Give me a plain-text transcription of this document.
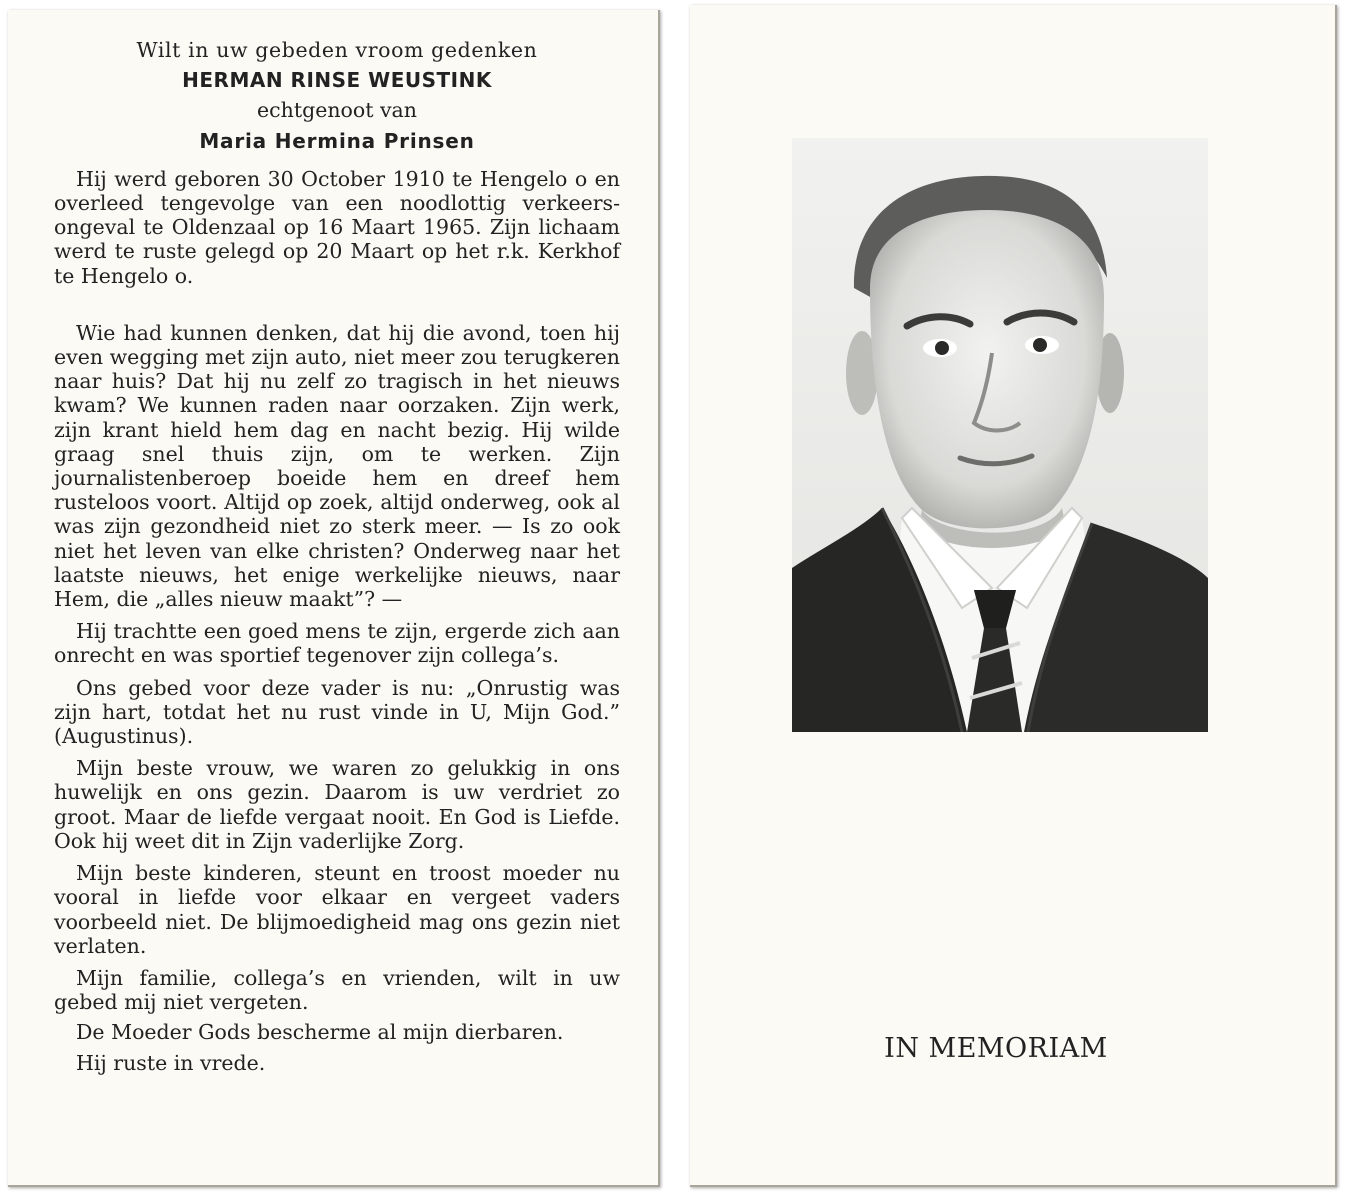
Wilt in uw gebeden vroom gedenken
HERMAN RINSE WEUSTINK
echtgenoot van
Maria Hermina Prinsen

Hij werd geboren 30 October 1910 te Hengelo o en overleed tengevolge van een noodlottig verkeersongeval te Oldenzaal op 16 Maart 1965. Zijn lichaam werd te ruste gelegd op 20 Maart op het r.k. Kerkhof te Hengelo o.

Wie had kunnen denken, dat hij die avond, toen hij even wegging met zijn auto, niet meer zou terugkeren naar huis? Dat hij nu zelf zo tragisch in het nieuws kwam? We kunnen raden naar oorzaken. Zijn werk, zijn krant hield hem dag en nacht bezig. Hij wilde graag snel thuis zijn, om te werken. Zijn journalistenberoep boeide hem en dreef hem rusteloos voort. Altijd op zoek, altijd onderweg, ook al was zijn gezondheid niet zo sterk meer. — Is zo ook niet het leven van elke christen? Onderweg naar het laatste nieuws, het enige werkelijke nieuws, naar Hem, die „alles nieuw maakt”? —

Hij trachtte een goed mens te zijn, ergerde zich aan onrecht en was sportief tegenover zijn collega’s.

Ons gebed voor deze vader is nu: „Onrustig was zijn hart, totdat het nu rust vinde in U, Mijn God.” (Augustinus).

Mijn beste vrouw, we waren zo gelukkig in ons huwelijk en ons gezin. Daarom is uw verdriet zo groot. Maar de liefde vergaat nooit. En God is Liefde. Ook hij weet dit in Zijn vaderlijke Zorg.

Mijn beste kinderen, steunt en troost moeder nu vooral in liefde voor elkaar en vergeet vaders voorbeeld niet. De blijmoedigheid mag ons gezin niet verlaten.

Mijn familie, collega’s en vrienden, wilt in uw gebed mij niet vergeten.

De Moeder Gods bescherme al mijn dierbaren.

Hij ruste in vrede.	IN MEMORIAM
